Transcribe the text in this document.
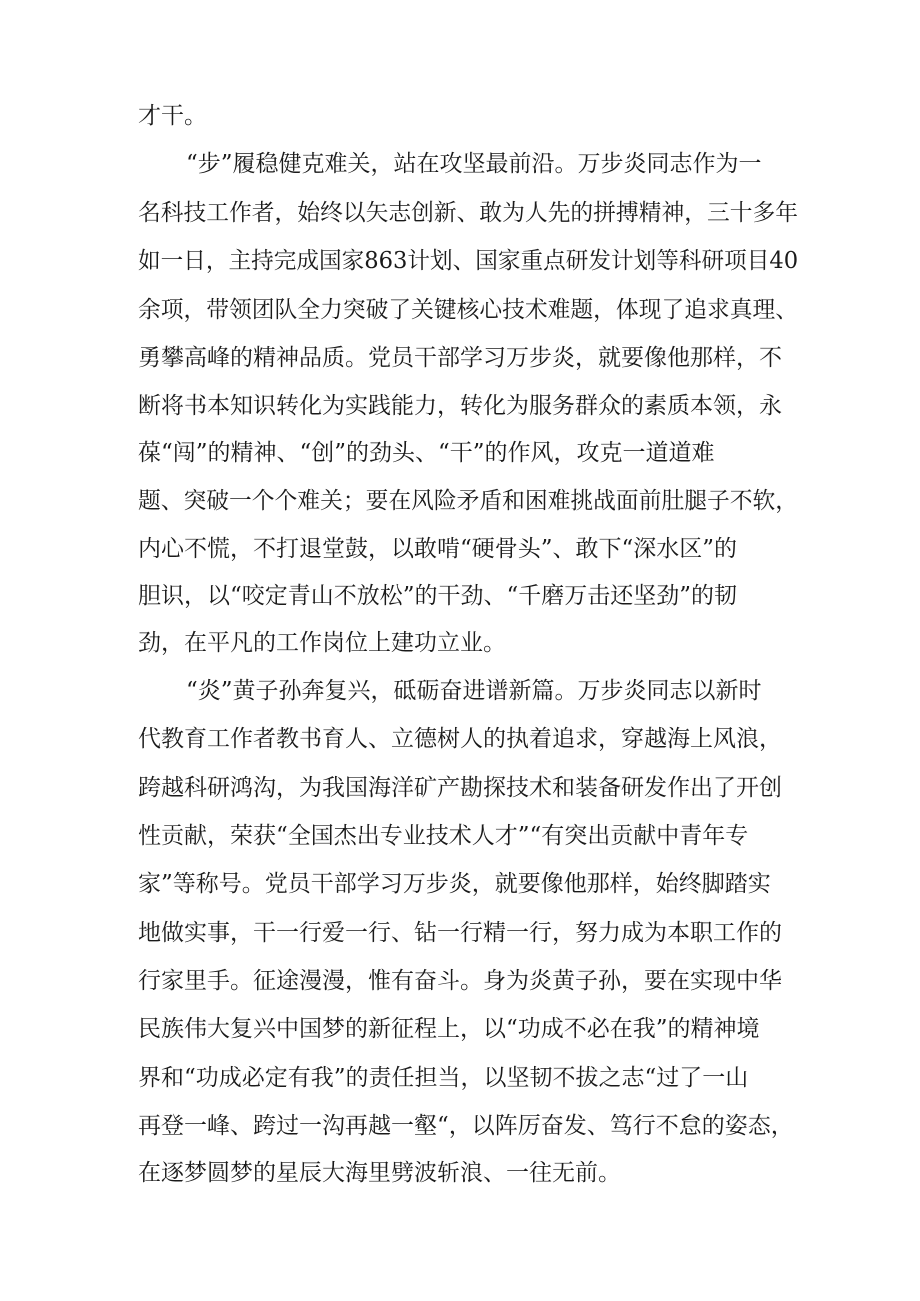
才干。
“步”履稳健克难关，站在攻坚最前沿。万步炎同志作为一
名科技工作者，始终以矢志创新、敢为人先的拼搏精神，三十多年
如一日，主持完成国家863计划、国家重点研发计划等科研项目40
余项，带领团队全力突破了关键核心技术难题，体现了追求真理、
勇攀高峰的精神品质。党员干部学习万步炎，就要像他那样，不
断将书本知识转化为实践能力，转化为服务群众的素质本领，永
葆“闯”的精神、“创”的劲头、“干”的作风，攻克一道道难
题、突破一个个难关；要在风险矛盾和困难挑战面前肚腿子不软，
内心不慌，不打退堂鼓，以敢啃“硬骨头”、敢下“深水区”的
胆识，以“咬定青山不放松”的干劲、“千磨万击还坚劲”的韧
劲，在平凡的工作岗位上建功立业。
“炎”黄子孙奔复兴，砥砺奋进谱新篇。万步炎同志以新时
代教育工作者教书育人、立德树人的执着追求，穿越海上风浪，
跨越科研鸿沟，为我国海洋矿产勘探技术和装备研发作出了开创
性贡献，荣获“全国杰出专业技术人才”“有突出贡献中青年专
家”等称号。党员干部学习万步炎，就要像他那样，始终脚踏实
地做实事，干一行爱一行、钻一行精一行，努力成为本职工作的
行家里手。征途漫漫，惟有奋斗。身为炎黄子孙，要在实现中华
民族伟大复兴中国梦的新征程上，以“功成不必在我”的精神境
界和“功成必定有我”的责任担当，以坚韧不拔之志“过了一山
再登一峰、跨过一沟再越一壑“，以阵厉奋发、笃行不怠的姿态，
在逐梦圆梦的星辰大海里劈波斩浪、一往无前。
